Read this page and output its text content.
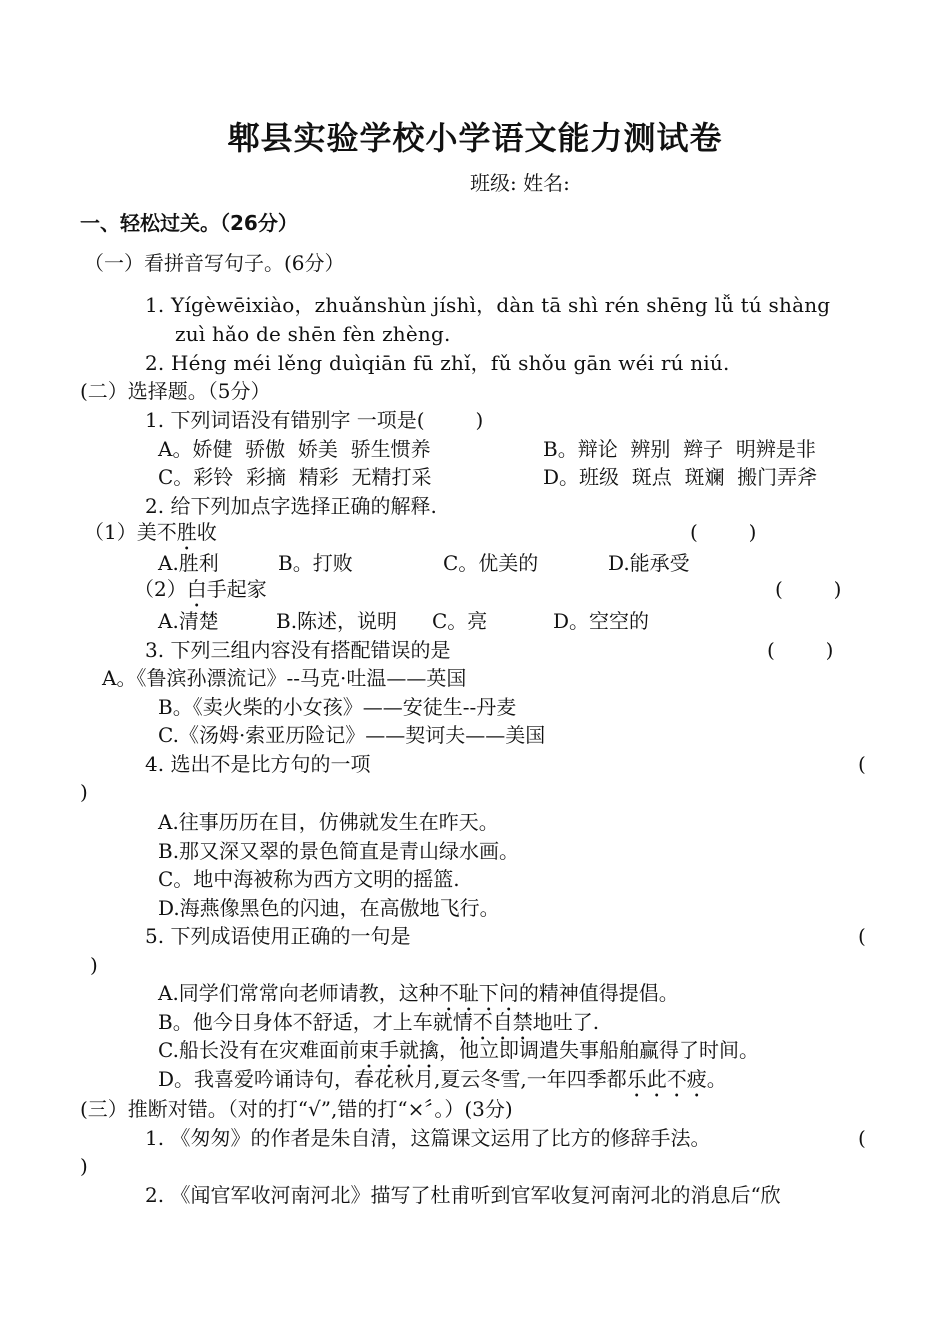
郫县实验学校小学语文能力测试卷
班级: 姓名:
一、轻松过关。（26分）
（一）看拼音写句子。(6分）
1. Yígèwēixiào，zhuǎnshùn jíshì，dàn tā shì rén shēng lǚ tú shàng
zuì hǎo de shēn fèn zhèng.
2. Héng méi lěng duìqiān fū zhǐ，fǔ shǒu gān wéi rú niú.
(二）选择题。（5分）
1. 下列词语没有错别字 一项是(        )
A。娇健  骄傲  娇美  骄生惯养	B。辩论  辨别  辫子  明辨是非
C。彩铃  彩摘  精彩  无精打采	D。班级  斑点  斑斓  搬门弄斧
2. 给下列加点字选择正确的解释.
（1）美不胜收	(        )
A.胜利	B。打败	C。优美的	D.能承受
（2）白手起家	(        )
A.清楚	B.陈述，说明 C。亮	D。空空的
3. 下列三组内容没有搭配错误的是	(        )
A。《鲁滨孙漂流记》--马克·吐温——英国
B。《卖火柴的小女孩》——安徒生--丹麦
C.《汤姆·索亚历险记》——契诃夫——美国
4. 选出不是比方句的一项	(
)
A.往事历历在目，仿佛就发生在昨天。
B.那又深又翠的景色简直是青山绿水画。
C。地中海被称为西方文明的摇篮.
D.海燕像黑色的闪迪，在高傲地飞行。
5. 下列成语使用正确的一句是	(
)
A.同学们常常向老师请教，这种不耻下问的精神值得提倡。
B。他今日身体不舒适，才上车就情不自禁地吐了.
C.船长没有在灾难面前束手就擒，他立即调遣失事船舶赢得了时间。
D。我喜爱吟诵诗句，春花秋月,夏云冬雪,一年四季都乐此不疲。
(三）推断对错。（对的打“√”,错的打“×〞。）(3分)
1. 《匆匆》的作者是朱自清，这篇课文运用了比方的修辞手法。	(
)
2. 《闻官军收河南河北》描写了杜甫听到官军收复河南河北的消息后“欣
